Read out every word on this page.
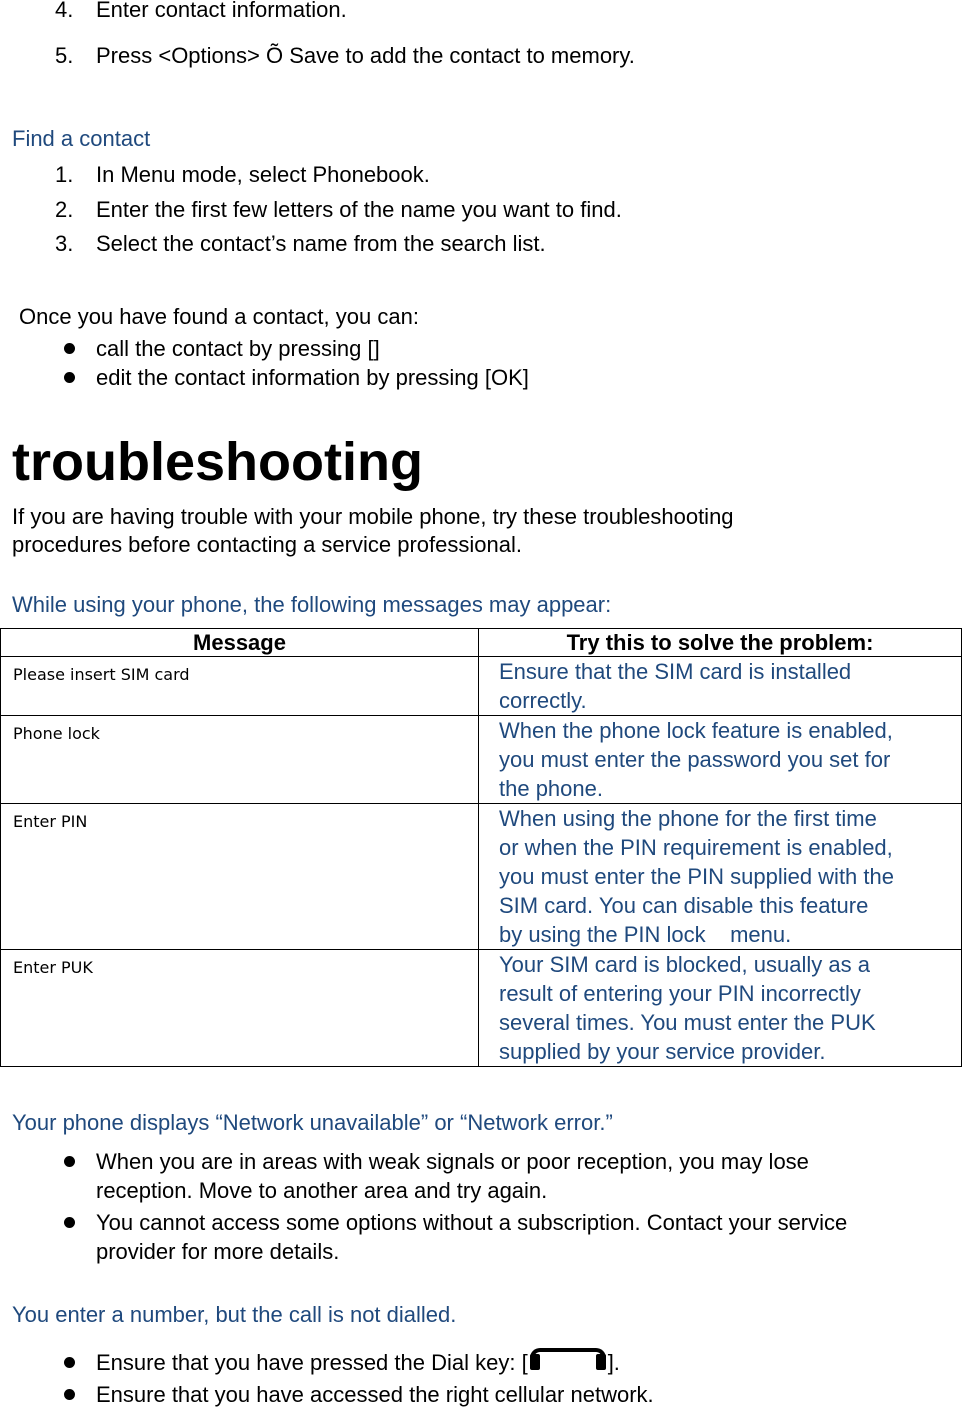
4. Enter contact information.
5. Press <Options> Õ Save to add the contact to memory.
Find a contact
1. In Menu mode, select Phonebook.
2. Enter the first few letters of the name you want to find.
3. Select the contact’s name from the search list.
Once you have found a contact, you can:
call the contact by pressing []
edit the contact information by pressing [OK]
troubleshooting
If you are having trouble with your mobile phone, try these troubleshooting
procedures before contacting a service professional.
While using your phone, the following messages may appear:
Message	Try this to solve the problem:
Please insert SIM card	Ensure that the SIM card is installed
correctly.

Phone lock	When the phone lock feature is enabled,
you must enter the password you set for
the phone.

Enter PIN	When using the phone for the first time
or when the PIN requirement is enabled,
you must enter the PIN supplied with the
SIM card. You can disable this feature
by using the PIN lock    menu.

Enter PUK	Your SIM card is blocked, usually as a
result of entering your PIN incorrectly
several times. You must enter the PUK
supplied by your service provider.
Your phone displays “Network unavailable” or “Network error.”
When you are in areas with weak signals or poor reception, you may lose
reception. Move to another area and try again.
You cannot access some options without a subscription. Contact your service
provider for more details.
You enter a number, but the call is not dialled.
Ensure that you have pressed the Dial key: [	].
Ensure that you have accessed the right cellular network.
